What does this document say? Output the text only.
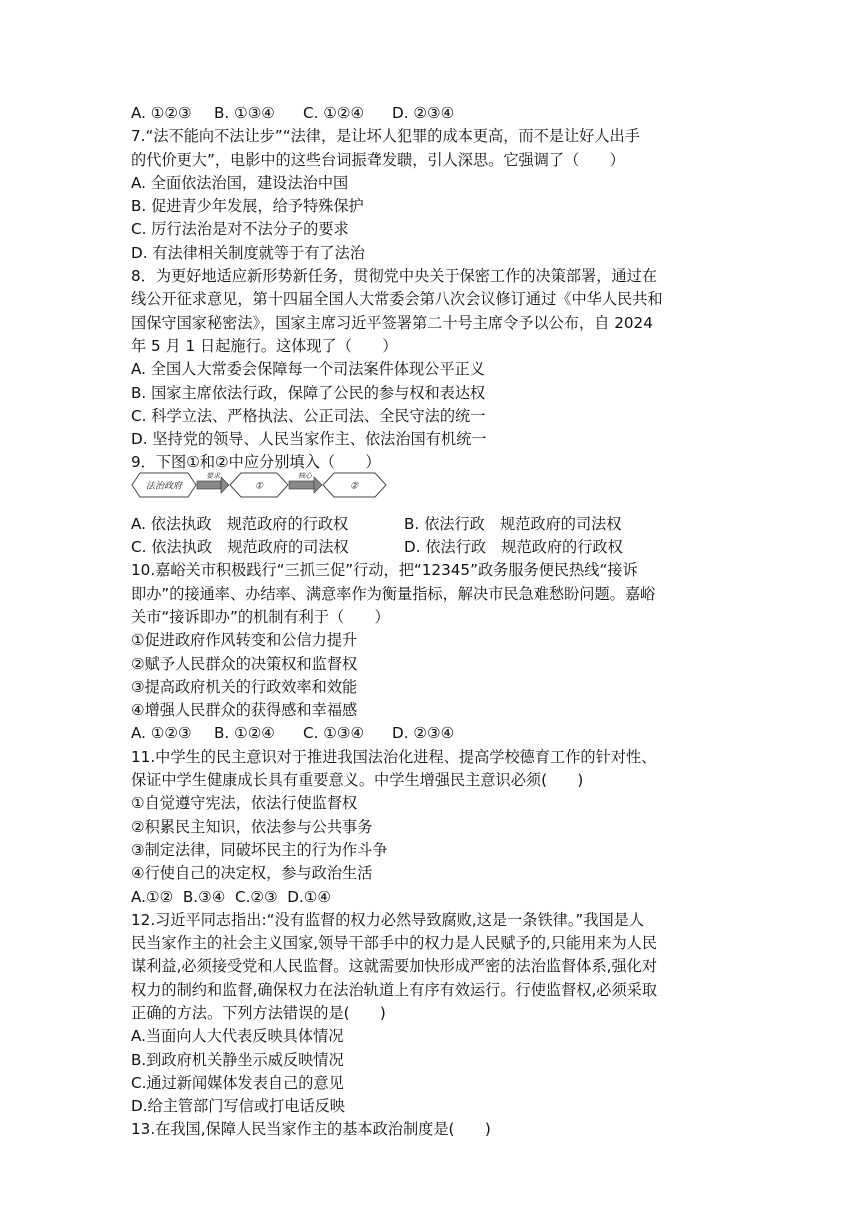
A. ①②③	B. ①③④	C. ①②④	D. ②③④
7.“法不能向不法让步”“法律，是让坏人犯罪的成本更高，而不是让好人出手
的代价更大”，电影中的这些台词振聋发聩，引人深思。它强调了（　　）
A. 全面依法治国，建设法治中国
B. 促进青少年发展，给予特殊保护
C. 厉行法治是对不法分子的要求
D. 有法律相关制度就等于有了法治
8．为更好地适应新形势新任务，贯彻党中央关于保密工作的决策部署，通过在
线公开征求意见，第十四届全国人大常委会第八次会议修订通过《中华人民共和
国保守国家秘密法》，国家主席习近平签署第二十号主席令予以公布，自 2024
年 5 月 1 日起施行。这体现了（　　）
A. 全国人大常委会保障每一个司法案件体现公平正义
B. 国家主席依法行政，保障了公民的参与权和表达权
C. 科学立法、严格执法、公正司法、全民守法的统一
D. 坚持党的领导、人民当家作主、依法治国有机统一
9．下图①和②中应分别填入（　　）
A. 依法执政　规范政府的行政权	B. 依法行政　规范政府的司法权
C. 依法执政　规范政府的司法权	D. 依法行政　规范政府的行政权
10.嘉峪关市积极践行“三抓三促”行动，把“12345”政务服务便民热线“接诉
即办”的接通率、办结率、满意率作为衡量指标，解决市民急难愁盼问题。嘉峪
关市“接诉即办”的机制有利于（　　）
①促进政府作风转变和公信力提升
②赋予人民群众的决策权和监督权
③提高政府机关的行政效率和效能
④增强人民群众的获得感和幸福感
A. ①②③	B. ①②④	C. ①③④	D. ②③④
11.中学生的民主意识对于推进我国法治化进程、提高学校德育工作的针对性、
保证中学生健康成长具有重要意义。中学生增强民主意识必须(　　)
①自觉遵守宪法，依法行使监督权
②积累民主知识，依法参与公共事务
③制定法律，同破坏民主的行为作斗争
④行使自己的决定权，参与政治生活
A.①②  B.③④  C.②③  D.①④
12.习近平同志指出:“没有监督的权力必然导致腐败,这是一条铁律。”我国是人
民当家作主的社会主义国家,领导干部手中的权力是人民赋予的,只能用来为人民
谋利益,必须接受党和人民监督。这就需要加快形成严密的法治监督体系,强化对
权力的制约和监督,确保权力在法治轨道上有序有效运行。行使监督权,必须采取
正确的方法。下列方法错误的是(　　)
A.当面向人大代表反映具体情况
B.到政府机关静坐示威反映情况
C.通过新闻媒体发表自己的意见
D.给主管部门写信或打电话反映
13.在我国,保障人民当家作主的基本政治制度是(　　)
法治政府
要求
①
核心
②
